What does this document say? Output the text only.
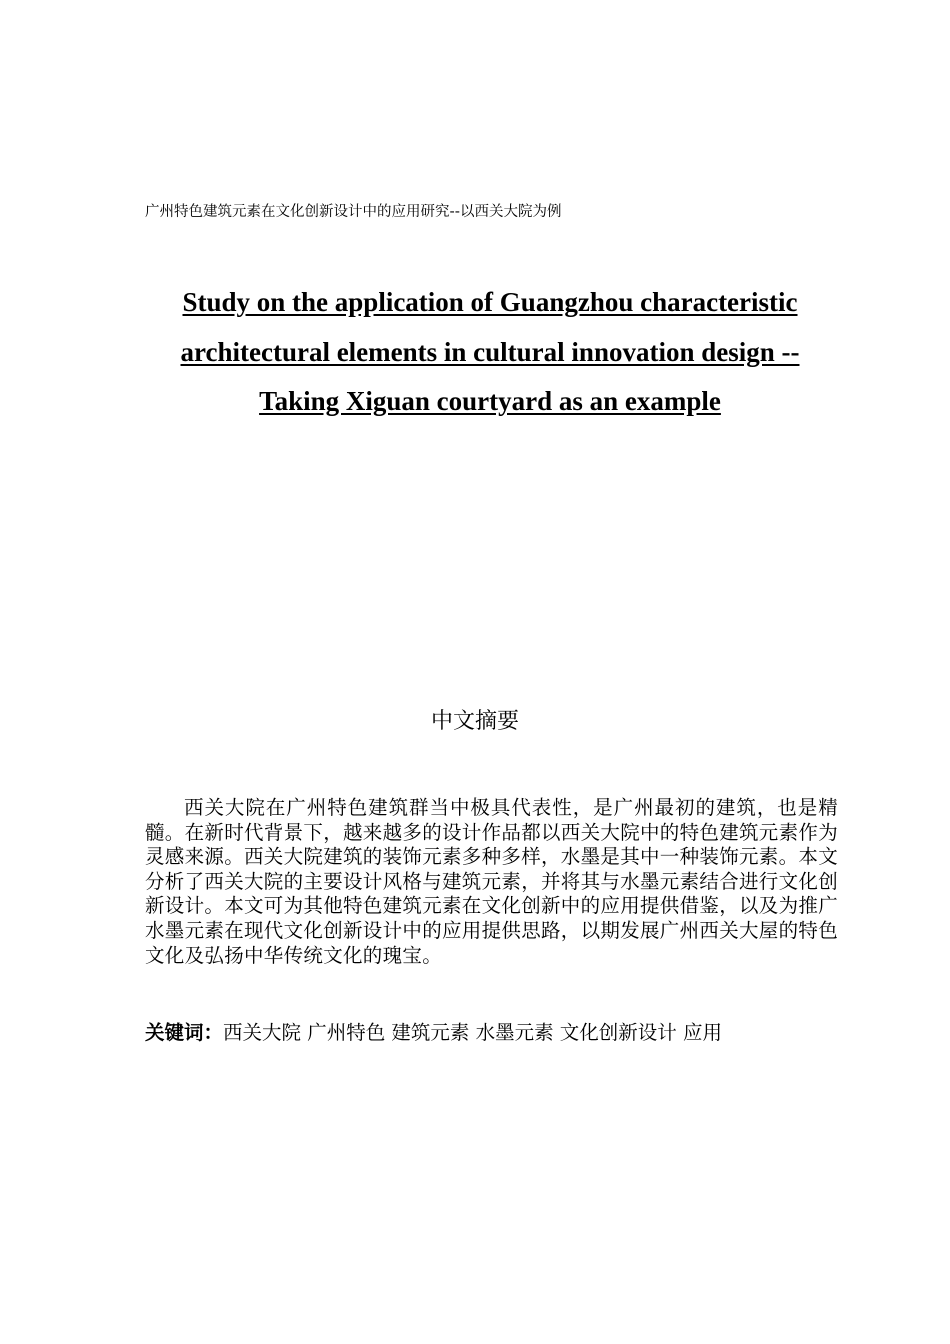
广州特色建筑元素在文化创新设计中的应用研究--以西关大院为例
Study on the application of Guangzhou characteristic architectural elements in cultural innovation design -- Taking Xiguan courtyard as an example
中文摘要
西关大院在广州特色建筑群当中极具代表性，是广州最初的建筑，也是精髓。在新时代背景下，越来越多的设计作品都以西关大院中的特色建筑元素作为灵感来源。西关大院建筑的装饰元素多种多样，水墨是其中一种装饰元素。本文分析了西关大院的主要设计风格与建筑元素，并将其与水墨元素结合进行文化创新设计。本文可为其他特色建筑元素在文化创新中的应用提供借鉴，以及为推广水墨元素在现代文化创新设计中的应用提供思路，以期发展广州西关大屋的特色文化及弘扬中华传统文化的瑰宝。
关键词：西关大院 广州特色 建筑元素 水墨元素 文化创新设计 应用
